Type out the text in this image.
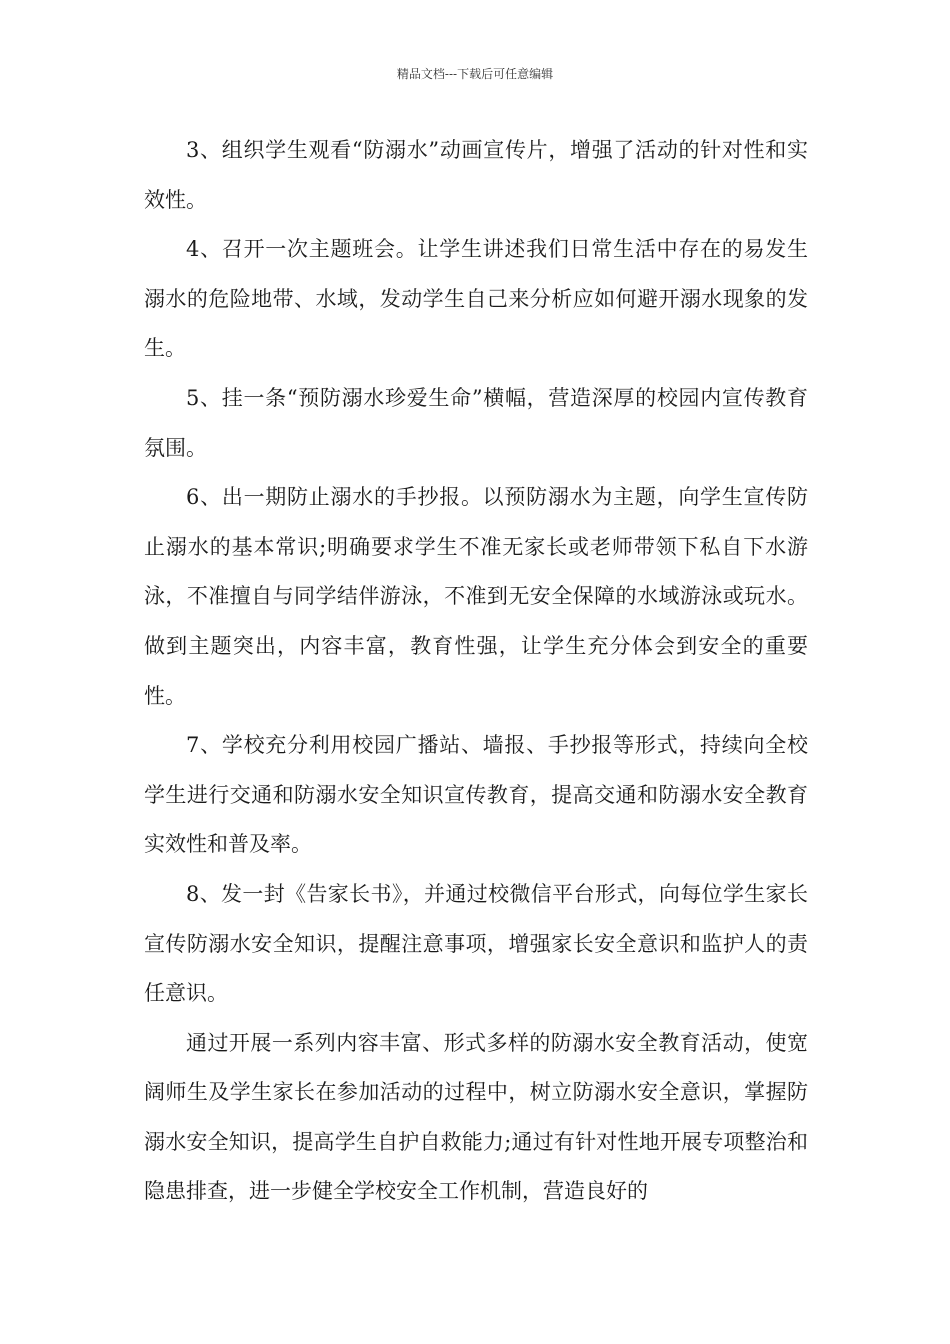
精品文档---下载后可任意编辑

3、组织学生观看“防溺水”动画宣传片，增强了活动的针对性和实效性。

4、召开一次主题班会。让学生讲述我们日常生活中存在的易发生溺水的危险地带、水域，发动学生自己来分析应如何避开溺水现象的发生。

5、挂一条“预防溺水珍爱生命”横幅，营造深厚的校园内宣传教育氛围。

6、出一期防止溺水的手抄报。以预防溺水为主题，向学生宣传防止溺水的基本常识;明确要求学生不准无家长或老师带领下私自下水游泳，不准擅自与同学结伴游泳，不准到无安全保障的水域游泳或玩水。做到主题突出，内容丰富，教育性强，让学生充分体会到安全的重要性。

7、学校充分利用校园广播站、墙报、手抄报等形式，持续向全校学生进行交通和防溺水安全知识宣传教育，提高交通和防溺水安全教育实效性和普及率。

8、发一封《告家长书》，并通过校微信平台形式，向每位学生家长宣传防溺水安全知识，提醒注意事项，增强家长安全意识和监护人的责任意识。

通过开展一系列内容丰富、形式多样的防溺水安全教育活动，使宽阔师生及学生家长在参加活动的过程中，树立防溺水安全意识，掌握防溺水安全知识，提高学生自护自救能力;通过有针对性地开展专项整治和隐患排查，进一步健全学校安全工作机制，营造良好的
